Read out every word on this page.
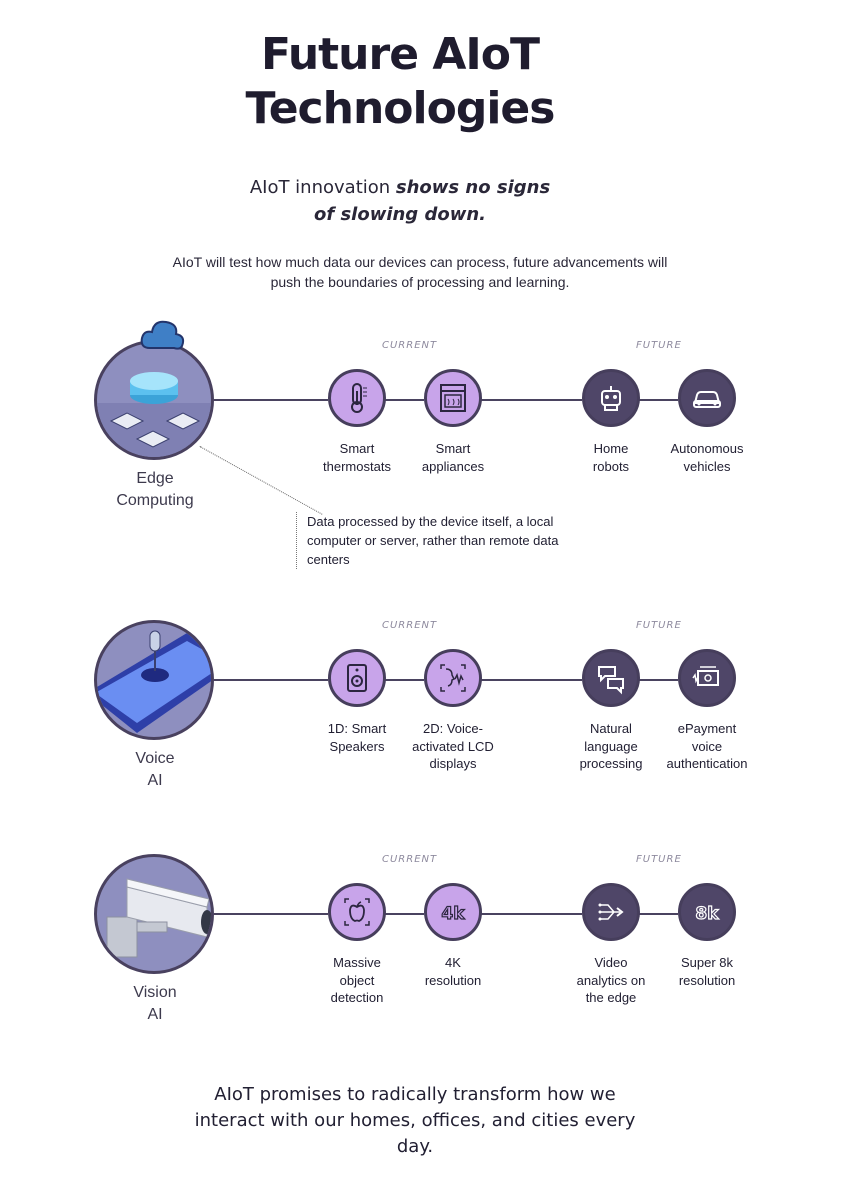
Future AIoT
Technologies
AIoT innovation shows no signs
of slowing down.
AIoT will test how much data our devices can process, future advancements will push the boundaries of processing and learning.
Edge
Computing
CURRENT	FUTURE
Smart
thermostats
Smart
appliances
Home
robots
Autonomous
vehicles
Data processed by the device itself, a local computer or server, rather than remote data centers
Voice
AI
CURRENT	FUTURE
1D: Smart
Speakers
2D: Voice-
activated LCD
displays
Natural
language
processing
ePayment
voice
authentication
Vision
AI
CURRENT	FUTURE
4k	8k
Massive
object
detection
4K
resolution
Video
analytics on
the edge
Super 8k
resolution
AIoT promises to radically transform how we interact with our homes, offices, and cities every day.
